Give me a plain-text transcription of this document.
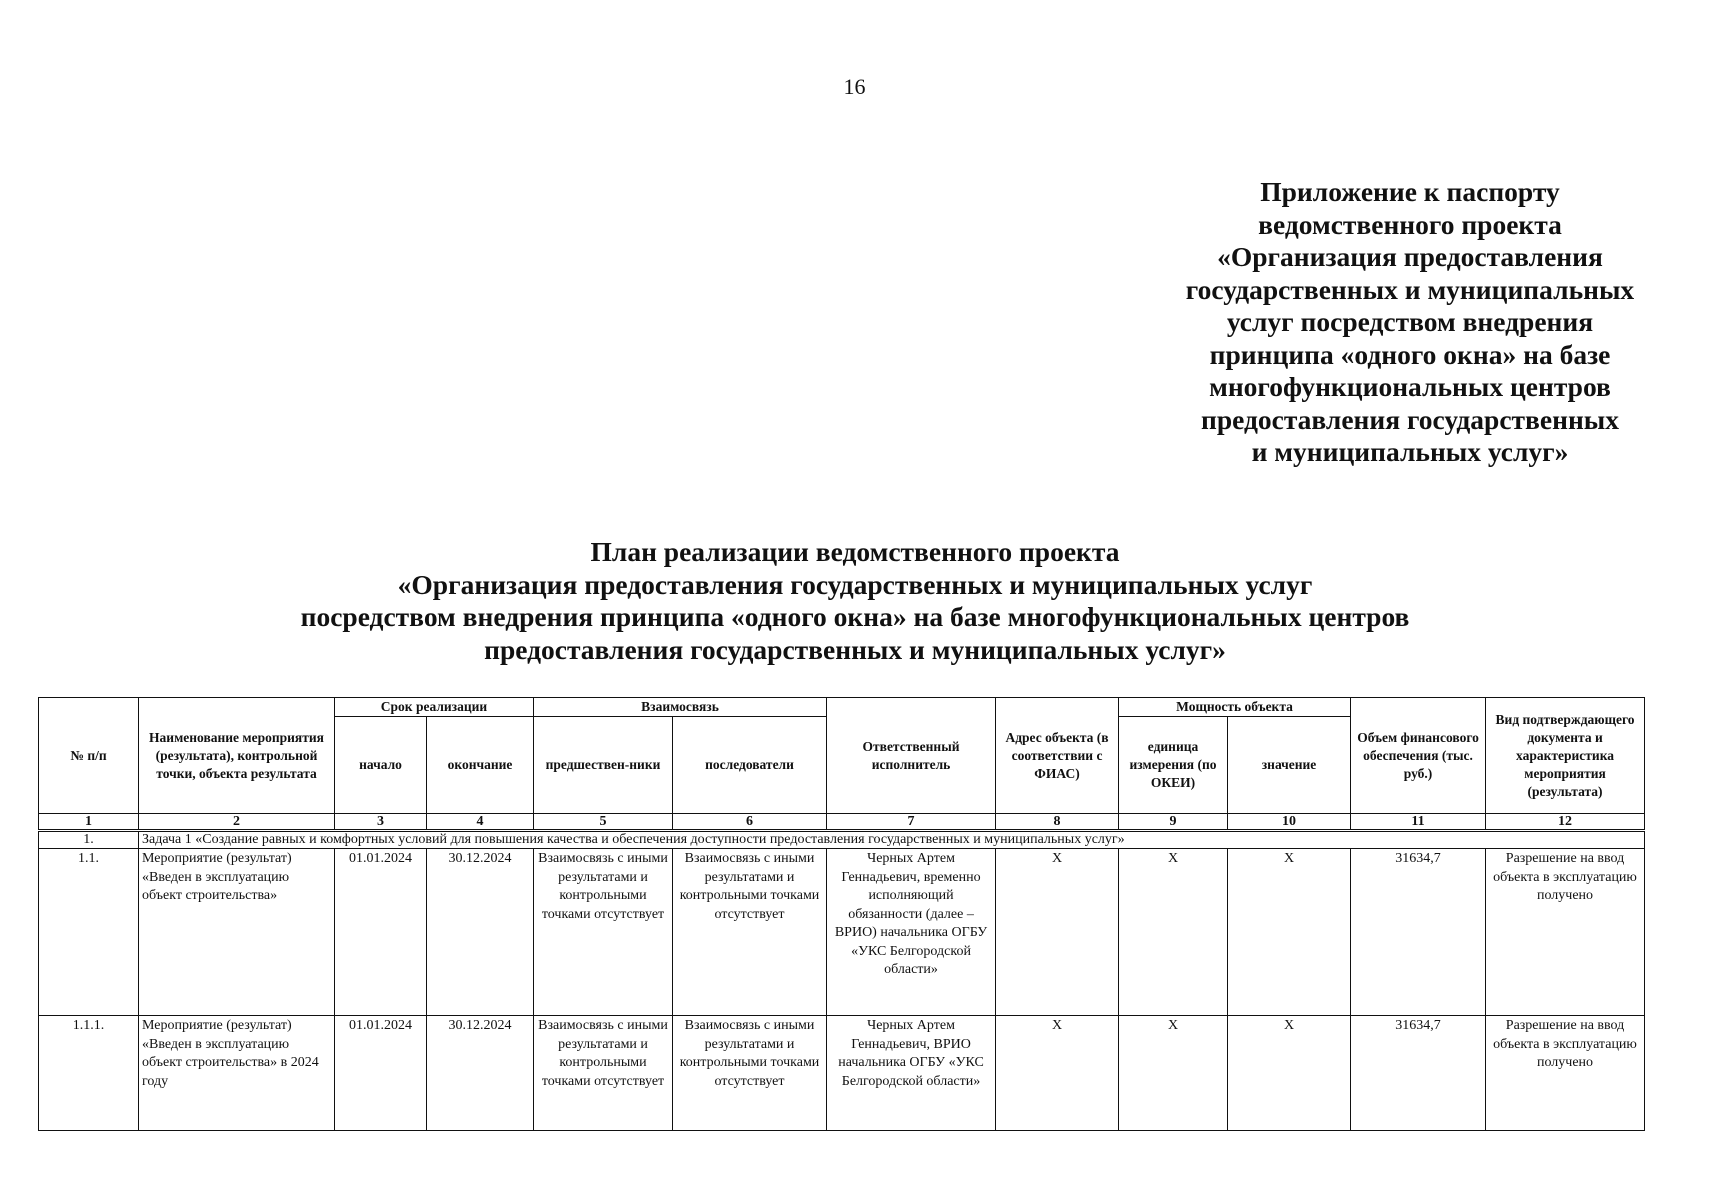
16
Приложение к паспорту
ведомственного проекта
«Организация предоставления
государственных и муниципальных
услуг посредством внедрения
принципа «одного окна» на базе
многофункциональных центров
предоставления государственных
и муниципальных услуг»
План реализации ведомственного проекта
«Организация предоставления государственных и муниципальных услуг
посредством внедрения принципа «одного окна» на базе многофункциональных центров
предоставления государственных и муниципальных услуг»
№ п/п	Наименование мероприятия (результата), контрольной точки, объекта результата	Срок реализации		Взаимосвязь		Ответственный исполнитель	Адрес объекта (в соответствии с ФИАС)	Мощность объекта		Объем финансового обеспечения (тыс. руб.)	Вид подтверждающего документа и характеристика мероприятия (результата)
		начало	окончание	предшествен-ники	последователи			единица измерения (по ОКЕИ)	значение		
1	2	3	4	5	6	7	8	9	10	11	12
1.	Задача 1 «Создание равных и комфортных условий для повышения качества и обеспечения доступности предоставления государственных и муниципальных услуг»										
1.1.	Мероприятие (результат) «Введен в эксплуатацию объект строительства»	01.01.2024	30.12.2024	Взаимосвязь с иными результатами и контрольными точками отсутствует	Взаимосвязь с иными результатами и контрольными точками отсутствует	Черных Артем Геннадьевич, временно исполняющий обязанности (далее – ВРИО) начальника ОГБУ «УКС Белгородской области»	X	X	X	31634,7	Разрешение на ввод объекта в эксплуатацию получено
1.1.1.	Мероприятие (результат) «Введен в эксплуатацию объект строительства» в 2024 году	01.01.2024	30.12.2024	Взаимосвязь с иными результатами и контрольными точками отсутствует	Взаимосвязь с иными результатами и контрольными точками отсутствует	Черных Артем Геннадьевич, ВРИО начальника ОГБУ «УКС Белгородской области»	X	X	X	31634,7	Разрешение на ввод объекта в эксплуатацию получено
